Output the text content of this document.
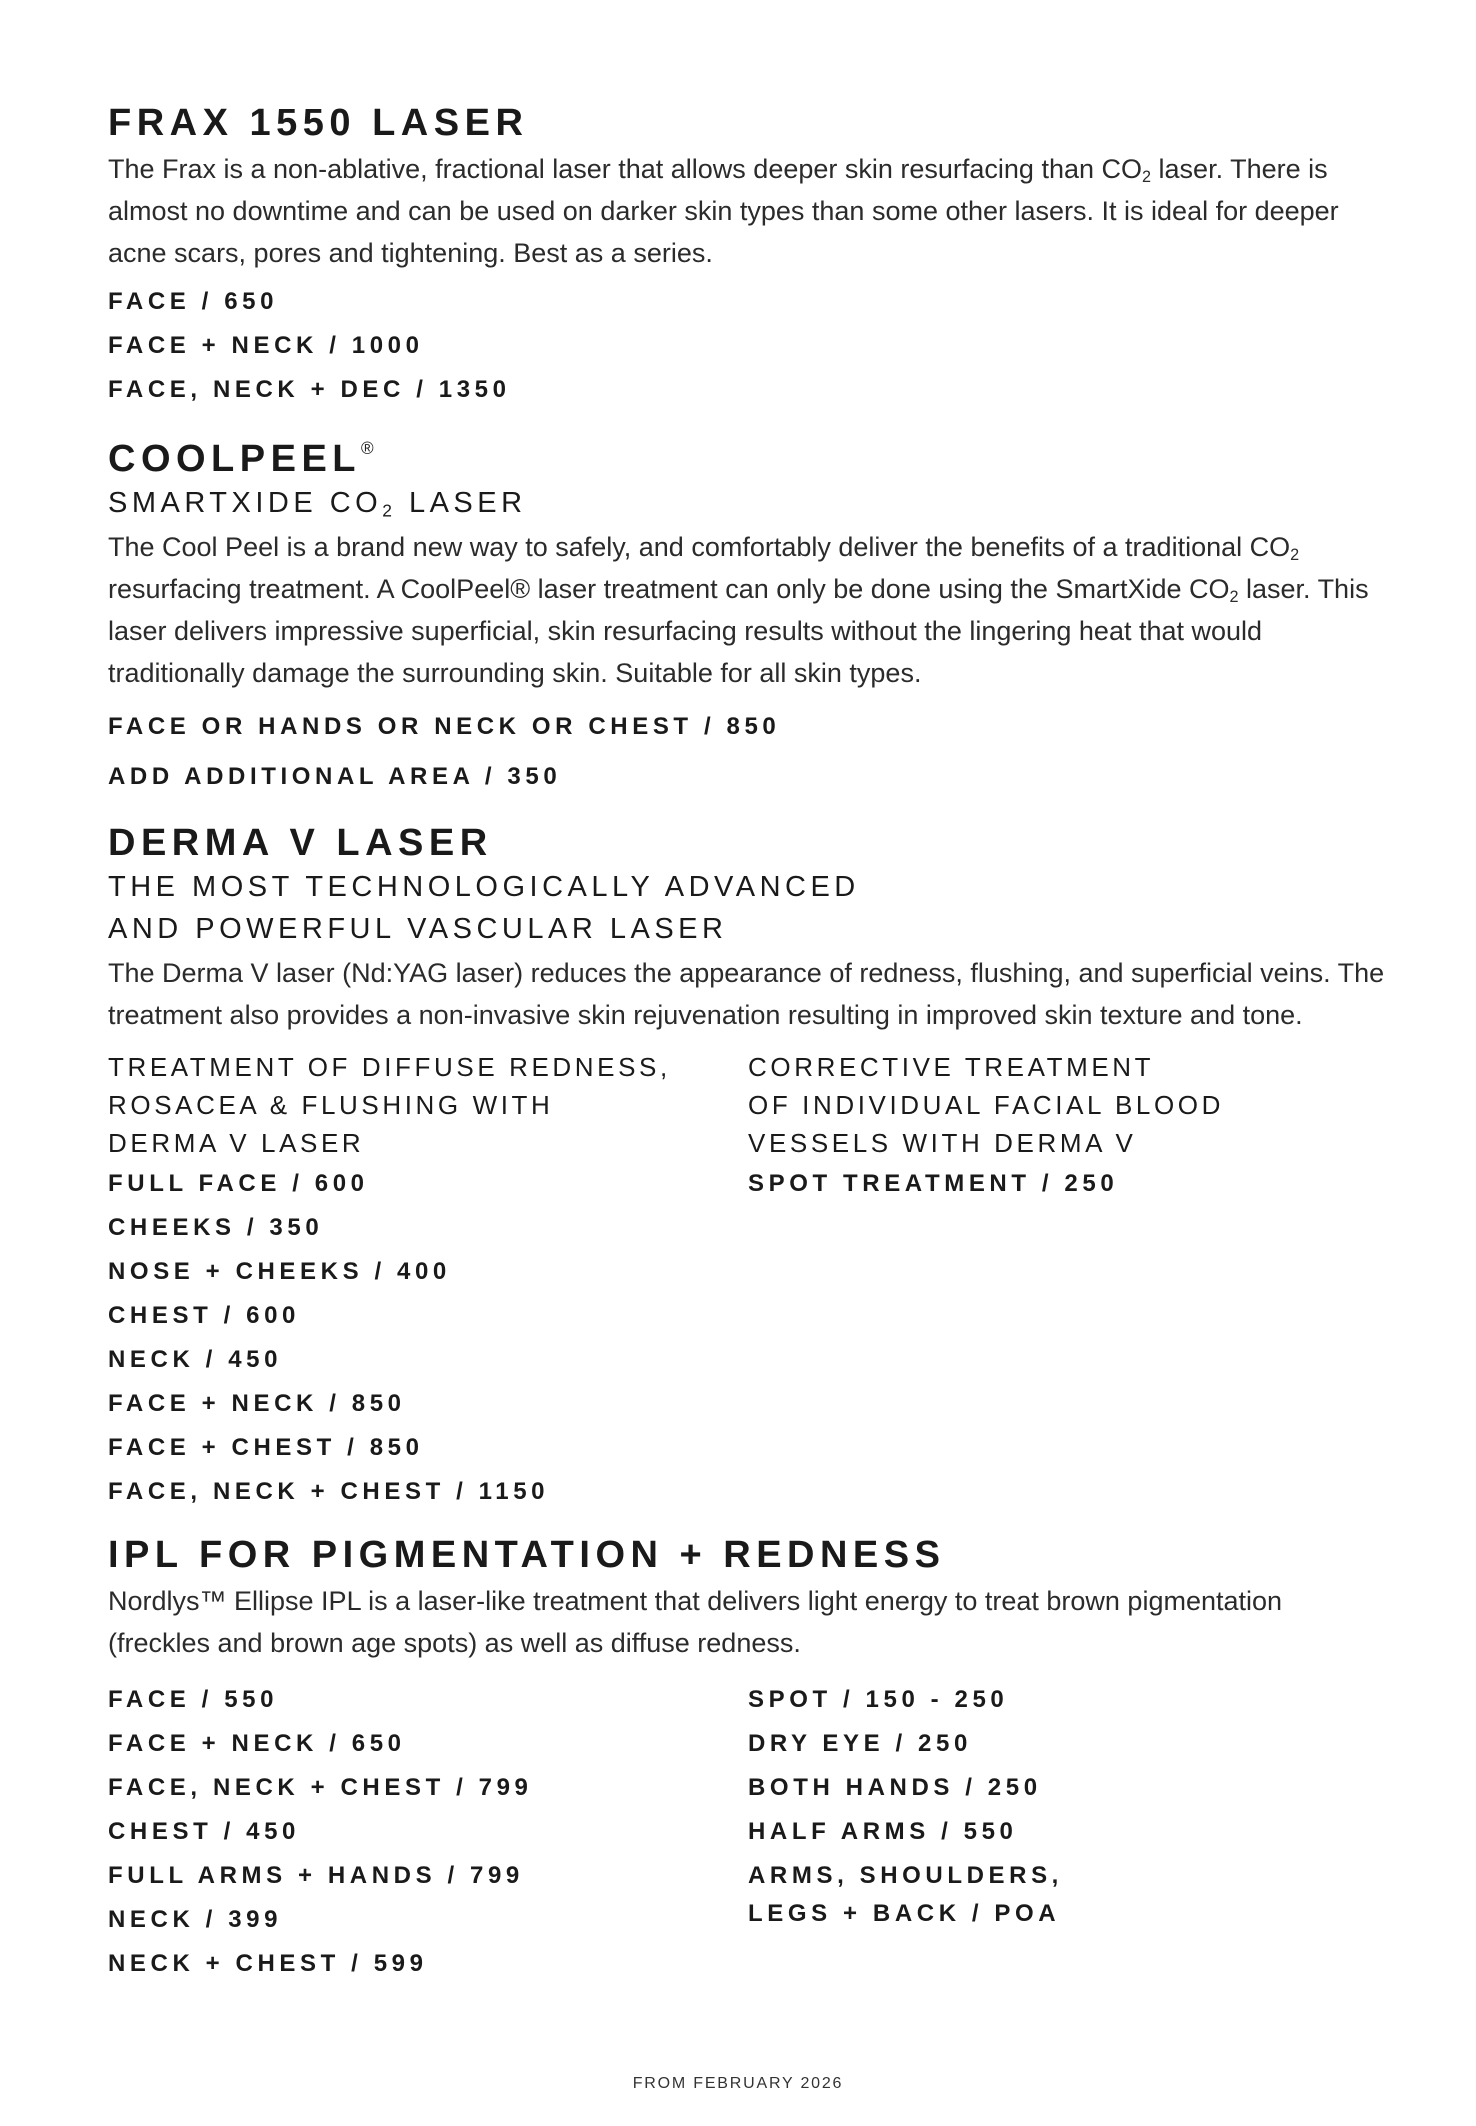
FRAX 1550 LASER

The Frax is a non-ablative, fractional laser that allows deeper skin resurfacing than $CO_2$ laser. There is almost no downtime and can be used on darker skin types than some other lasers. It is ideal for deeper acne scars, pores and tightening. Best as a series.

FACE / 650

FACE + NECK / 1000

FACE, NECK + DEC / 1350

COOLPEEL®

SMARTXIDE $CO_2$ LASER

The Cool Peel is a brand new way to safely, and comfortably deliver the benefits of a traditional $CO_2$ resurfacing treatment. A CoolPeel® laser treatment can only be done using the SmartXide $CO_2$ laser. This laser delivers impressive superficial, skin resurfacing results without the lingering heat that would traditionally damage the surrounding skin. Suitable for all skin types.

FACE OR HANDS OR NECK OR CHEST / 850

ADD ADDITIONAL AREA / 350

DERMA V LASER

THE MOST TECHNOLOGICALLY ADVANCED

AND POWERFUL VASCULAR LASER

The Derma V laser (Nd:YAG laser) reduces the appearance of redness, flushing, and superficial veins. The treatment also provides a non-invasive skin rejuvenation resulting in improved skin texture and tone.

TREATMENT OF DIFFUSE REDNESS,

ROSACEA & FLUSHING WITH

DERMA V LASER

FULL FACE / 600

CHEEKS / 350

NOSE + CHEEKS / 400

CHEST / 600

NECK / 450

FACE + NECK / 850

FACE + CHEST / 850

FACE, NECK + CHEST / 1150

CORRECTIVE TREATMENT

OF INDIVIDUAL FACIAL BLOOD

VESSELS WITH DERMA V

SPOT TREATMENT / 250

IPL FOR PIGMENTATION + REDNESS

Nordlys™ Ellipse IPL is a laser-like treatment that delivers light energy to treat brown pigmentation (freckles and brown age spots) as well as diffuse redness.

FACE / 550

FACE + NECK / 650

FACE, NECK + CHEST / 799

CHEST / 450

FULL ARMS + HANDS / 799

NECK / 399

NECK + CHEST / 599

SPOT / 150 - 250

DRY EYE / 250

BOTH HANDS / 250

HALF ARMS / 550

ARMS, SHOULDERS,

LEGS + BACK / POA

FROM FEBRUARY 2026
